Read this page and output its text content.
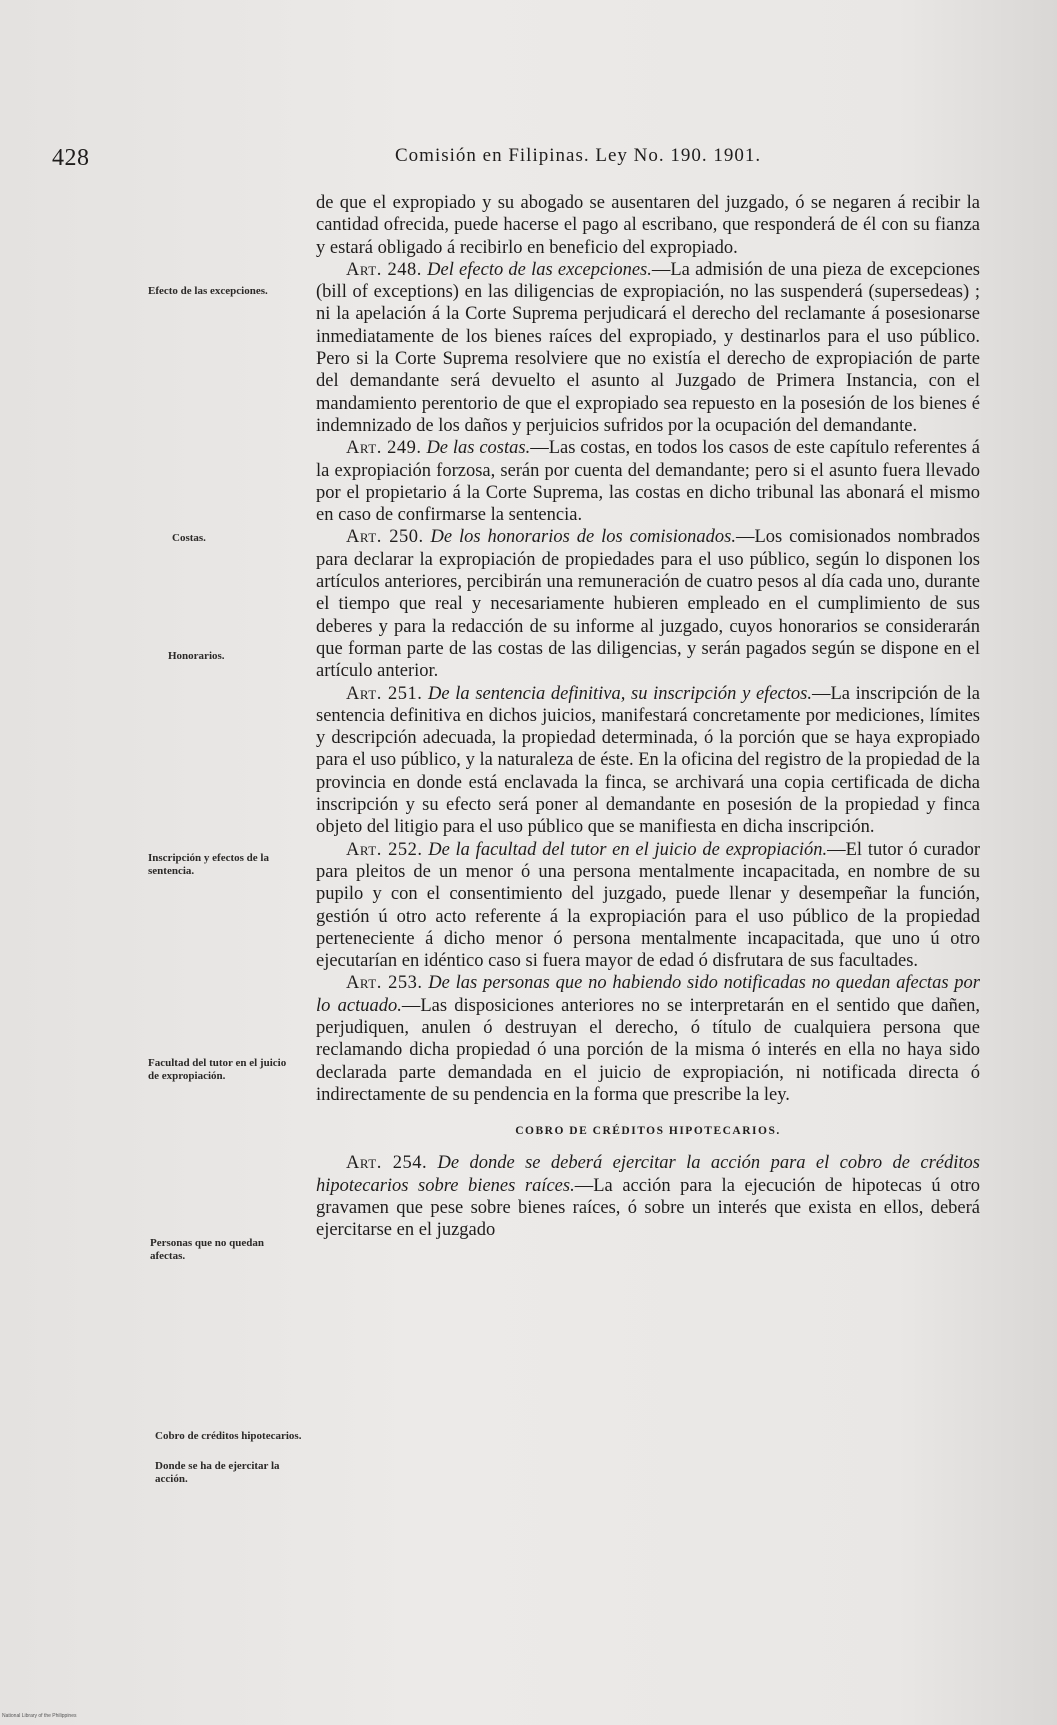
428	Comisión en Filipinas. Ley No. 190. 1901.
Efecto de las excepciones.
Costas.
Honorarios.
Inscripción y efectos de la sentencia.
Facultad del tutor en el juicio de expropiación.
Personas que no quedan afectas.
Cobro de créditos hipotecarios.
Donde se ha de ejercitar la acción.

de que el expropiado y su abogado se ausentaren del juzgado, ó se negaren á recibir la cantidad ofrecida, puede hacerse el pago al escribano, que responderá de él con su fianza y estará obligado á recibirlo en beneficio del expropiado.

Art. 248. Del efecto de las excepciones.—La admisión de una pieza de excepciones (bill of exceptions) en las diligencias de expropiación, no las suspenderá (supersedeas) ; ni la apelación á la Corte Suprema perjudicará el derecho del reclamante á posesionarse inmediatamente de los bienes raíces del expropiado, y destinarlos para el uso público. Pero si la Corte Suprema resolviere que no existía el derecho de expropiación de parte del demandante será devuelto el asunto al Juzgado de Primera Instancia, con el mandamiento perentorio de que el expropiado sea repuesto en la posesión de los bienes é indemnizado de los daños y perjuicios sufridos por la ocupación del demandante.

Art. 249. De las costas.—Las costas, en todos los casos de este capítulo referentes á la expropiación forzosa, serán por cuenta del demandante; pero si el asunto fuera llevado por el propietario á la Corte Suprema, las costas en dicho tribunal las abonará el mismo en caso de confirmarse la sentencia.

Art. 250. De los honorarios de los comisionados.—Los comisionados nombrados para declarar la expropiación de propiedades para el uso público, según lo disponen los artículos anteriores, percibirán una remuneración de cuatro pesos al día cada uno, durante el tiempo que real y necesariamente hubieren empleado en el cumplimiento de sus deberes y para la redacción de su informe al juzgado, cuyos honorarios se considerarán que forman parte de las costas de las diligencias, y serán pagados según se dispone en el artículo anterior.

Art. 251. De la sentencia definitiva, su inscripción y efectos.—La inscripción de la sentencia definitiva en dichos juicios, manifestará concretamente por mediciones, límites y descripción adecuada, la propiedad determinada, ó la porción que se haya expropiado para el uso público, y la naturaleza de éste. En la oficina del registro de la propiedad de la provincia en donde está enclavada la finca, se archivará una copia certificada de dicha inscripción y su efecto será poner al demandante en posesión de la propiedad y finca objeto del litigio para el uso público que se manifiesta en dicha inscripción.

Art. 252. De la facultad del tutor en el juicio de expropiación.—El tutor ó curador para pleitos de un menor ó una persona mentalmente incapacitada, en nombre de su pupilo y con el consentimiento del juzgado, puede llenar y desempeñar la función, gestión ú otro acto referente á la expropiación para el uso público de la propiedad perteneciente á dicho menor ó persona mentalmente incapacitada, que uno ú otro ejecutarían en idéntico caso si fuera mayor de edad ó disfrutara de sus facultades.

Art. 253. De las personas que no habiendo sido notificadas no quedan afectas por lo actuado.—Las disposiciones anteriores no se interpretarán en el sentido que dañen, perjudiquen, anulen ó destruyan el derecho, ó título de cualquiera persona que reclamando dicha propiedad ó una porción de la misma ó interés en ella no haya sido declarada parte demandada en el juicio de expropiación, ni notificada directa ó indirectamente de su pendencia en la forma que prescribe la ley.

COBRO DE CRÉDITOS HIPOTECARIOS.

Art. 254. De donde se deberá ejercitar la acción para el cobro de créditos hipotecarios sobre bienes raíces.—La acción para la ejecución de hipotecas ú otro gravamen que pese sobre bienes raíces, ó sobre un interés que exista en ellos, deberá ejercitarse en el juzgado

National Library of the Philippines
